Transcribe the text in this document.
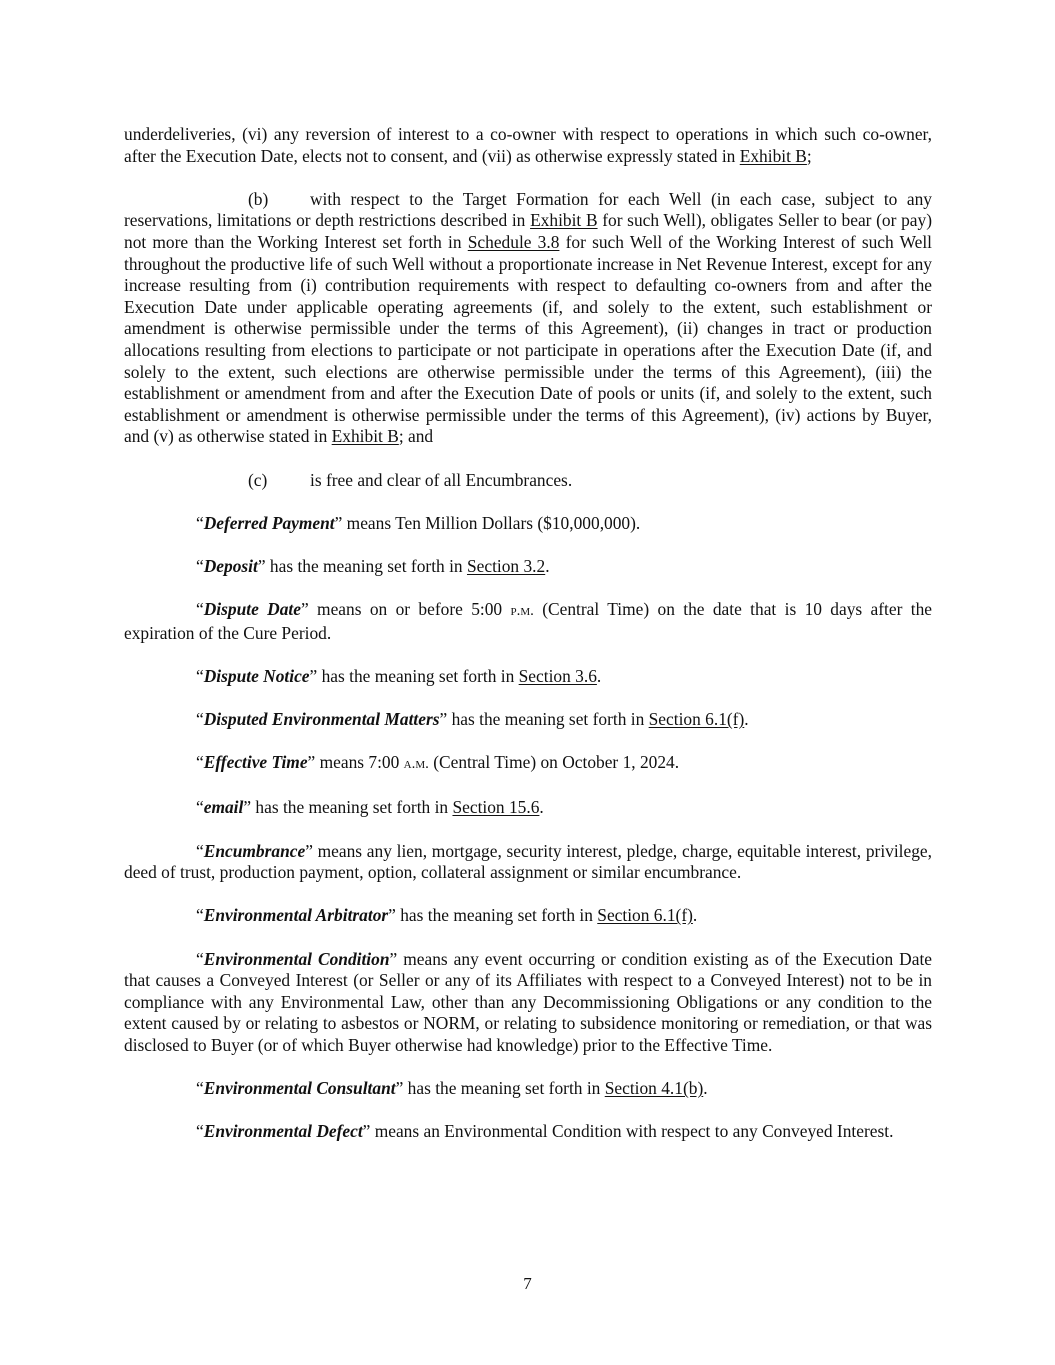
underdeliveries, (vi) any reversion of interest to a co-owner with respect to operations in which such co-owner, after the Execution Date, elects not to consent, and (vii) as otherwise expressly stated in Exhibit B;

(b) with respect to the Target Formation for each Well (in each case, subject to any reservations, limitations or depth restrictions described in Exhibit B for such Well), obligates Seller to bear (or pay) not more than the Working Interest set forth in Schedule 3.8 for such Well of the Working Interest of such Well throughout the productive life of such Well without a proportionate increase in Net Revenue Interest, except for any increase resulting from (i) contribution requirements with respect to defaulting co-owners from and after the Execution Date under applicable operating agreements (if, and solely to the extent, such establishment or amendment is otherwise permissible under the terms of this Agreement), (ii) changes in tract or production allocations resulting from elections to participate or not participate in operations after the Execution Date (if, and solely to the extent, such elections are otherwise permissible under the terms of this Agreement), (iii) the establishment or amendment from and after the Execution Date of pools or units (if, and solely to the extent, such establishment or amendment is otherwise permissible under the terms of this Agreement), (iv) actions by Buyer, and (v) as otherwise stated in Exhibit B; and

(c) is free and clear of all Encumbrances.

“Deferred Payment” means Ten Million Dollars ($10,000,000).

“Deposit” has the meaning set forth in Section 3.2.

“Dispute Date” means on or before 5:00 p.m. (Central Time) on the date that is 10 days after the expiration of the Cure Period.

“Dispute Notice” has the meaning set forth in Section 3.6.

“Disputed Environmental Matters” has the meaning set forth in Section 6.1(f).

“Effective Time” means 7:00 a.m. (Central Time) on October 1, 2024.

“email” has the meaning set forth in Section 15.6.

“Encumbrance” means any lien, mortgage, security interest, pledge, charge, equitable interest, privilege, deed of trust, production payment, option, collateral assignment or similar encumbrance.

“Environmental Arbitrator” has the meaning set forth in Section 6.1(f).

“Environmental Condition” means any event occurring or condition existing as of the Execution Date that causes a Conveyed Interest (or Seller or any of its Affiliates with respect to a Conveyed Interest) not to be in compliance with any Environmental Law, other than any Decommissioning Obligations or any condition to the extent caused by or relating to asbestos or NORM, or relating to subsidence monitoring or remediation, or that was disclosed to Buyer (or of which Buyer otherwise had knowledge) prior to the Effective Time.

“Environmental Consultant” has the meaning set forth in Section 4.1(b).

“Environmental Defect” means an Environmental Condition with respect to any Conveyed Interest.

7
